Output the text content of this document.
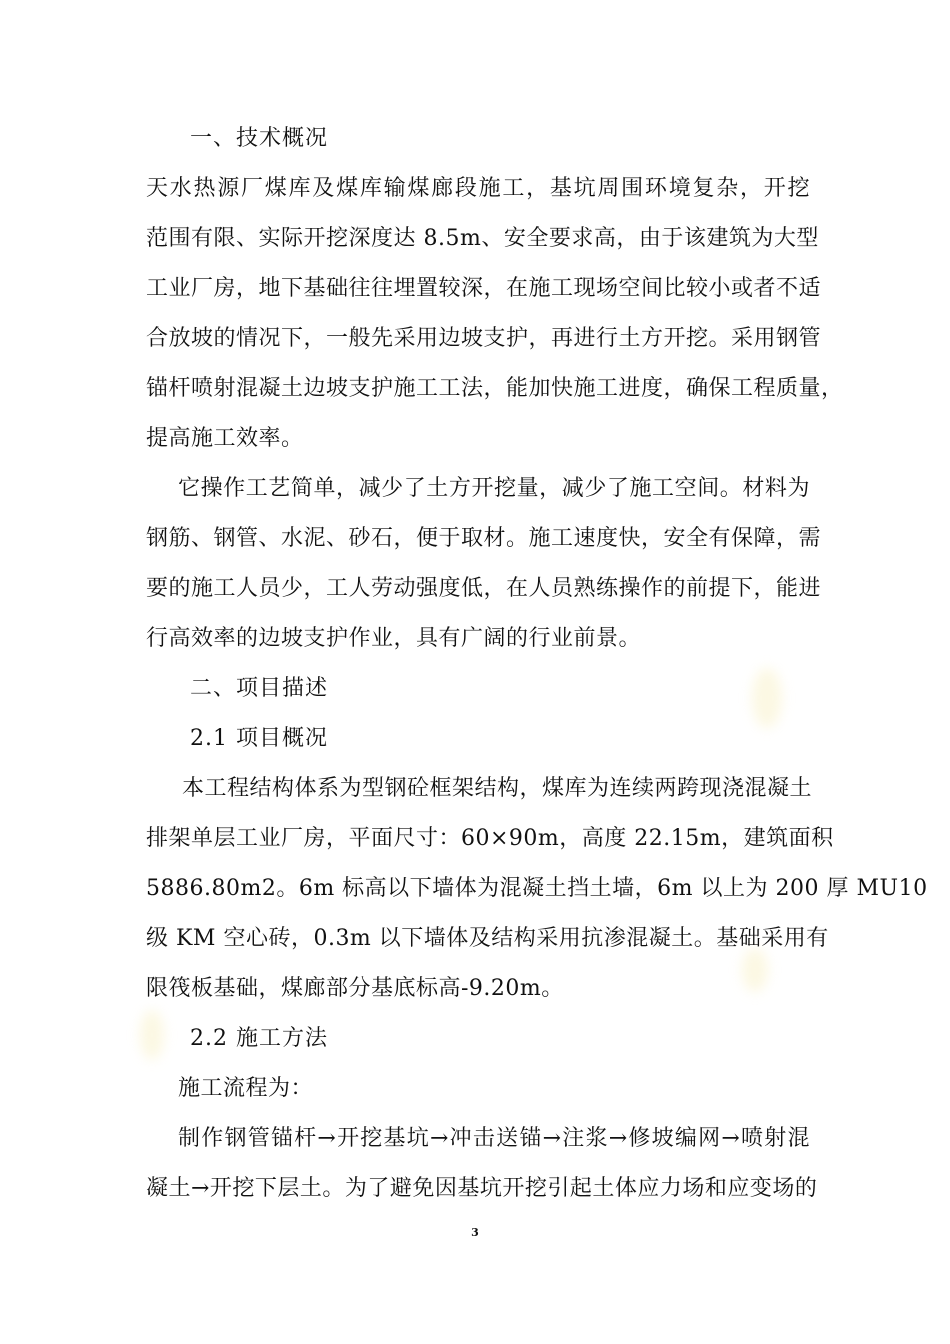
一、技术概况
天水热源厂煤库及煤库输煤廊段施工，基坑周围环境复杂，开挖
范围有限、实际开挖深度达 8.5m、安全要求高，由于该建筑为大型
工业厂房，地下基础往往埋置较深，在施工现场空间比较小或者不适
合放坡的情况下，一般先采用边坡支护，再进行土方开挖。采用钢管
锚杆喷射混凝土边坡支护施工工法，能加快施工进度，确保工程质量，
提高施工效率。
它操作工艺简单，减少了土方开挖量，减少了施工空间。材料为
钢筋、钢管、水泥、砂石，便于取材。施工速度快，安全有保障，需
要的施工人员少，工人劳动强度低，在人员熟练操作的前提下，能进
行高效率的边坡支护作业，具有广阔的行业前景。
二、项目描述
2.1 项目概况
本工程结构体系为型钢砼框架结构，煤库为连续两跨现浇混凝土
排架单层工业厂房，平面尺寸：60×90m，高度 22.15m，建筑面积
5886.80m2。6m 标高以下墙体为混凝土挡土墙，6m 以上为 200 厚 MU10
级 KM 空心砖，0.3m 以下墙体及结构采用抗渗混凝土。基础采用有
限筏板基础，煤廊部分基底标高-9.20m。
2.2 施工方法
施工流程为：
制作钢管锚杆→开挖基坑→冲击送锚→注浆→修坡编网→喷射混
凝土→开挖下层土。为了避免因基坑开挖引起土体应力场和应变场的
3
